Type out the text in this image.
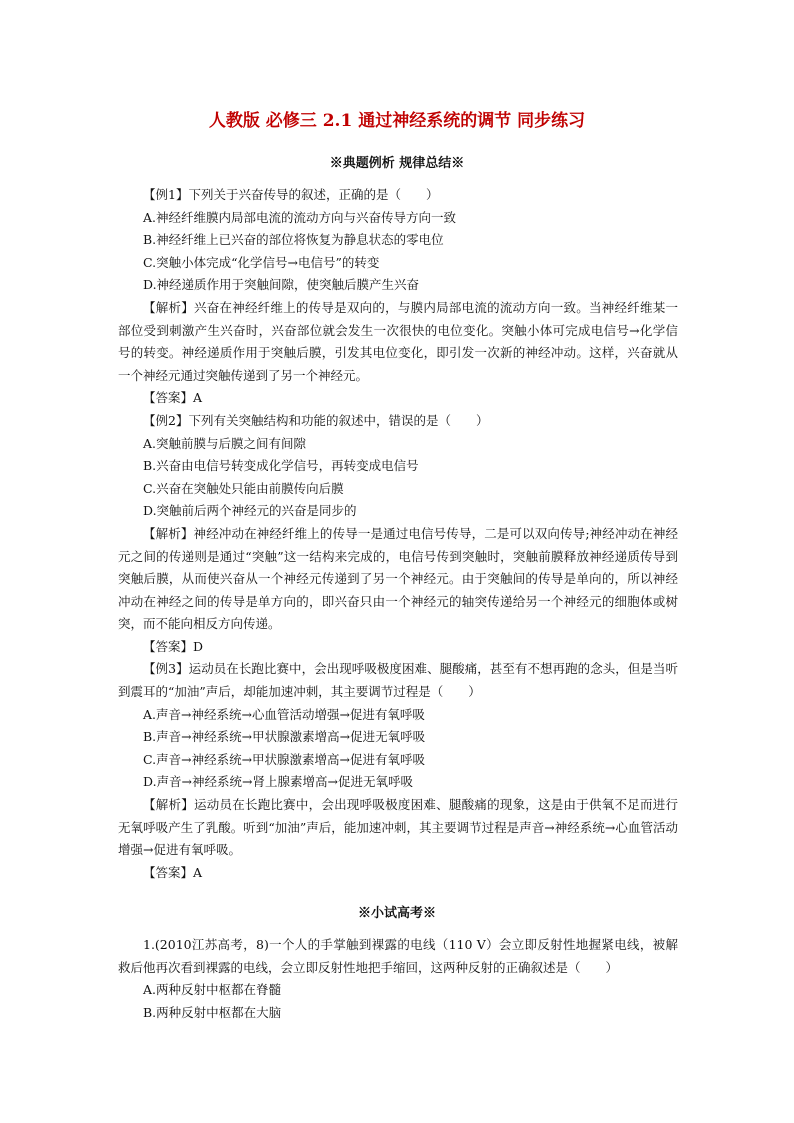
人教版 必修三 2.1 通过神经系统的调节 同步练习
※典题例析 规律总结※

【例1】下列关于兴奋传导的叙述，正确的是（　　）

A.神经纤维膜内局部电流的流动方向与兴奋传导方向一致

B.神经纤维上已兴奋的部位将恢复为静息状态的零电位

C.突触小体完成“化学信号→电信号”的转变

D.神经递质作用于突触间隙，使突触后膜产生兴奋

【解析】兴奋在神经纤维上的传导是双向的，与膜内局部电流的流动方向一致。当神经纤维某一部位受到刺激产生兴奋时，兴奋部位就会发生一次很快的电位变化。突触小体可完成电信号→化学信号的转变。神经递质作用于突触后膜，引发其电位变化，即引发一次新的神经冲动。这样，兴奋就从一个神经元通过突触传递到了另一个神经元。

【答案】A

【例2】下列有关突触结构和功能的叙述中，错误的是（　　）

A.突触前膜与后膜之间有间隙

B.兴奋由电信号转变成化学信号，再转变成电信号

C.兴奋在突触处只能由前膜传向后膜

D.突触前后两个神经元的兴奋是同步的

【解析】神经冲动在神经纤维上的传导一是通过电信号传导，二是可以双向传导;神经冲动在神经元之间的传递则是通过“突触”这一结构来完成的，电信号传到突触时，突触前膜释放神经递质传导到突触后膜，从而使兴奋从一个神经元传递到了另一个神经元。由于突触间的传导是单向的，所以神经冲动在神经之间的传导是单方向的，即兴奋只由一个神经元的轴突传递给另一个神经元的细胞体或树突，而不能向相反方向传递。

【答案】D

【例3】运动员在长跑比赛中，会出现呼吸极度困难、腿酸痛，甚至有不想再跑的念头，但是当听到震耳的“加油”声后，却能加速冲刺，其主要调节过程是（　　）

A.声音→神经系统→心血管活动增强→促进有氧呼吸

B.声音→神经系统→甲状腺激素增高→促进无氧呼吸

C.声音→神经系统→甲状腺激素增高→促进有氧呼吸

D.声音→神经系统→肾上腺素增高→促进无氧呼吸

【解析】运动员在长跑比赛中，会出现呼吸极度困难、腿酸痛的现象，这是由于供氧不足而进行无氧呼吸产生了乳酸。听到“加油”声后，能加速冲刺，其主要调节过程是声音→神经系统→心血管活动增强→促进有氧呼吸。

【答案】A

※小试高考※

1.(2010江苏高考，8)一个人的手掌触到裸露的电线（110 V）会立即反射性地握紧电线，被解救后他再次看到裸露的电线，会立即反射性地把手缩回，这两种反射的正确叙述是（　　）

A.两种反射中枢都在脊髓

B.两种反射中枢都在大脑
